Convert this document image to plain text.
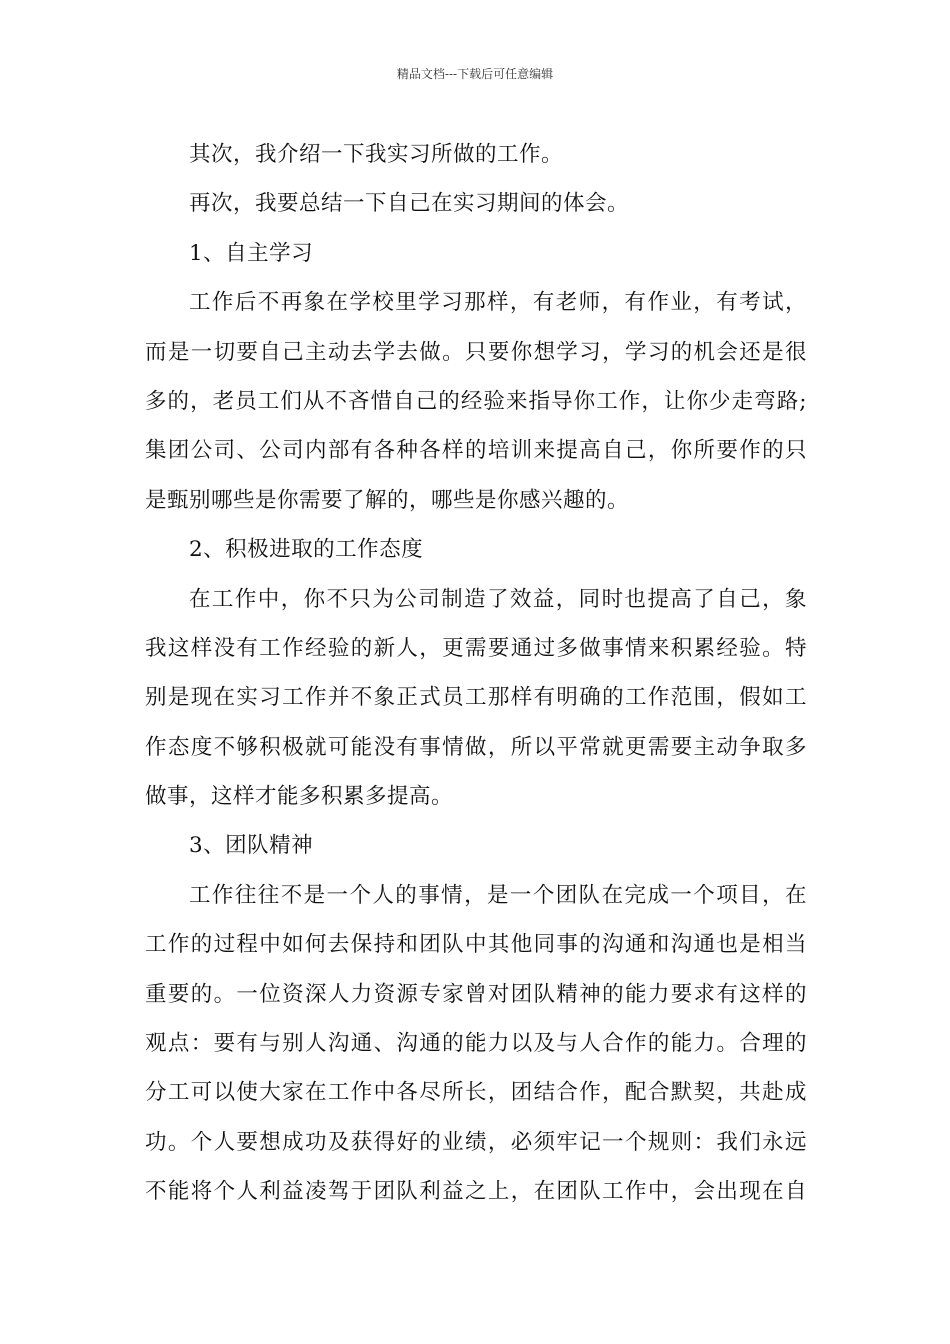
精品文档---下载后可任意编辑
其次，我介绍一下我实习所做的工作。
再次，我要总结一下自己在实习期间的体会。
1、自主学习
工作后不再象在学校里学习那样，有老师，有作业，有考试，
而是一切要自己主动去学去做。只要你想学习，学习的机会还是很
多的，老员工们从不吝惜自己的经验来指导你工作，让你少走弯路;
集团公司、公司内部有各种各样的培训来提高自己，你所要作的只
是甄别哪些是你需要了解的，哪些是你感兴趣的。
2、积极进取的工作态度
在工作中，你不只为公司制造了效益，同时也提高了自己，象
我这样没有工作经验的新人，更需要通过多做事情来积累经验。特
别是现在实习工作并不象正式员工那样有明确的工作范围，假如工
作态度不够积极就可能没有事情做，所以平常就更需要主动争取多
做事，这样才能多积累多提高。
3、团队精神
工作往往不是一个人的事情，是一个团队在完成一个项目，在
工作的过程中如何去保持和团队中其他同事的沟通和沟通也是相当
重要的。一位资深人力资源专家曾对团队精神的能力要求有这样的
观点：要有与别人沟通、沟通的能力以及与人合作的能力。合理的
分工可以使大家在工作中各尽所长，团结合作，配合默契，共赴成
功。个人要想成功及获得好的业绩，必须牢记一个规则：我们永远
不能将个人利益凌驾于团队利益之上，在团队工作中，会出现在自
